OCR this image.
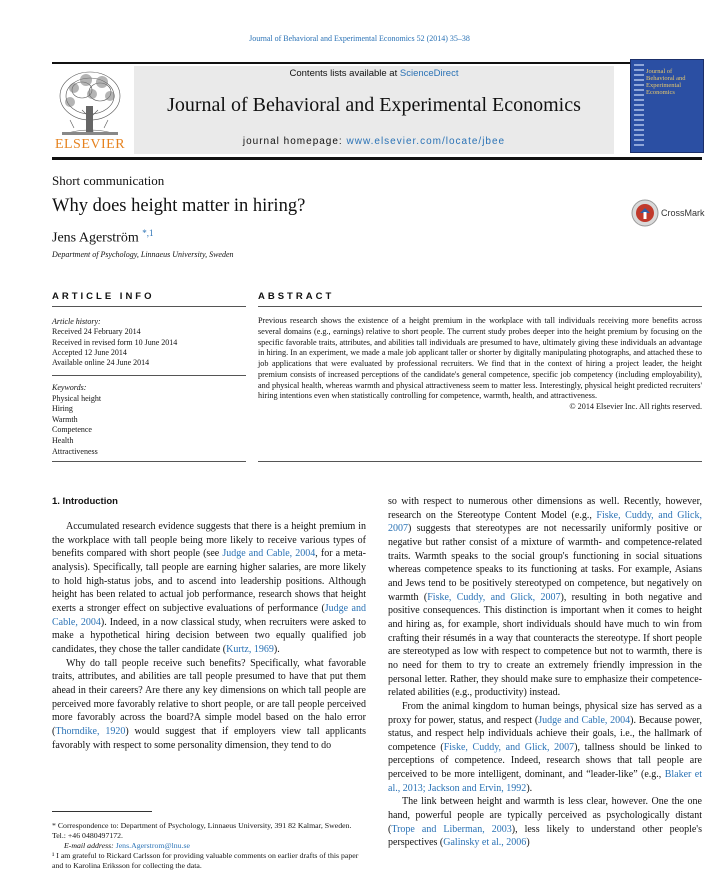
Journal of Behavioral and Experimental Economics 52 (2014) 35–38
ELSEVIER
Contents lists available at ScienceDirect
Journal of Behavioral and Experimental Economics
journal homepage: www.elsevier.com/locate/jbee
Journal of Behavioral and Experimental Economics
Short communication
Why does height matter in hiring?
Jens Agerström $^{*,1}$
Department of Psychology, Linnaeus University, Sweden
CrossMark
ARTICLE INFO	ABSTRACT
Article history:
Received 24 February 2014
Received in revised form 10 June 2014
Accepted 12 June 2014
Available online 24 June 2014
Keywords:
Physical height
Hiring
Warmth
Competence
Health
Attractiveness
Previous research shows the existence of a height premium in the workplace with tall individuals receiving more benefits across several domains (e.g., earnings) relative to short people. The current study probes deeper into the height premium by focusing on the specific favorable traits, attributes, and abilities tall individuals are presumed to have, ultimately giving these individuals an advantage in hiring. In an experiment, we made a male job applicant taller or shorter by digitally manipulating photographs, and attached these to job applications that were evaluated by professional recruiters. We find that in the context of hiring a project leader, the height premium consists of increased perceptions of the candidate's general competence, specific job competency (including employability), and physical health, whereas warmth and physical attractiveness seem to matter less. Interestingly, physical height predicted recruiters' hiring intentions even when statistically controlling for competence, warmth, health, and attractiveness.
© 2014 Elsevier Inc. All rights reserved.
1. Introduction

Accumulated research evidence suggests that there is a height premium in the workplace with tall people being more likely to receive various types of benefits compared with short people (see Judge and Cable, 2004, for a meta-analysis). Specifically, tall people are earning higher salaries, are more likely to hold high-status jobs, and to ascend into leadership positions. Although height has been related to actual job performance, research shows that height exerts a stronger effect on subjective evaluations of performance (Judge and Cable, 2004). Indeed, in a now classical study, when recruiters were asked to make a hypothetical hiring decision between two equally qualified job candidates, they chose the taller candidate (Kurtz, 1969).

Why do tall people receive such benefits? Specifically, what favorable traits, attributes, and abilities are tall people presumed to have that put them ahead in their careers? Are there any key dimensions on which tall people are perceived more favorably relative to short people, or are tall people perceived more favorably across the board?A simple model based on the halo error (Thorndike, 1920) would suggest that if employers view tall applicants favorably with respect to some personality dimension, they tend to do

so with respect to numerous other dimensions as well. Recently, however, research on the Stereotype Content Model (e.g., Fiske, Cuddy, and Glick, 2007) suggests that stereotypes are not necessarily uniformly positive or negative but rather consist of a mixture of warmth- and competence-related traits. Warmth speaks to the social group's functioning in social situations whereas competence speaks to its functioning at tasks. For example, Asians and Jews tend to be positively stereotyped on competence, but negatively on warmth (Fiske, Cuddy, and Glick, 2007), resulting in both negative and positive consequences. This distinction is important when it comes to height and hiring as, for example, short individuals should have much to win from crafting their résumés in a way that counteracts the stereotype. If short people are stereotyped as low with respect to competence but not to warmth, there is no need for them to try to create an extremely friendly impression in the personal letter. Rather, they should make sure to emphasize their competence-related abilities (e.g., productivity) instead.

From the animal kingdom to human beings, physical size has served as a proxy for power, status, and respect (Judge and Cable, 2004). Because power, status, and respect help individuals achieve their goals, i.e., the hallmark of competence (Fiske, Cuddy, and Glick, 2007), tallness should be linked to perceptions of competence. Indeed, research shows that tall people are perceived to be more intelligent, dominant, and “leader-like” (e.g., Blaker et al., 2013; Jackson and Ervin, 1992).

The link between height and warmth is less clear, however. One the one hand, powerful people are typically perceived as psychologically distant (Trope and Liberman, 2003), less likely to understand other people's perspectives (Galinsky et al., 2006)

* Correspondence to: Department of Psychology, Linnaeus University, 391 82 Kalmar, Sweden. Tel.: +46 0480497172.
E-mail address: Jens.Agerstrom@lnu.se
¹ I am grateful to Rickard Carlsson for providing valuable comments on earlier drafts of this paper and to Karolina Eriksson for collecting the data.
